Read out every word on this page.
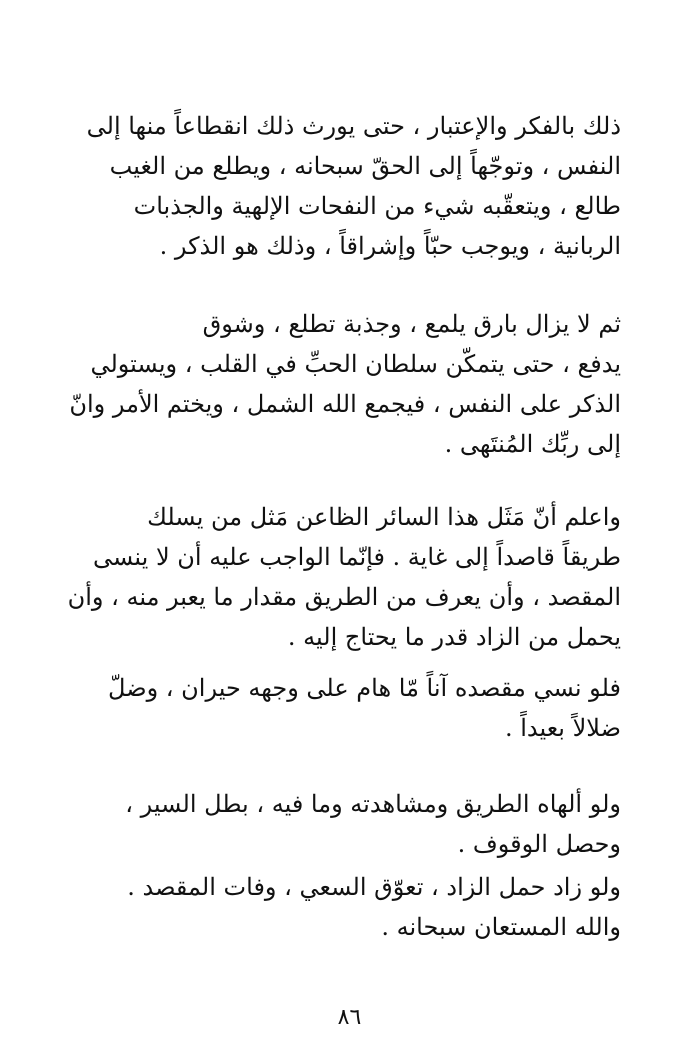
ذلك بالفكر والإعتبار ، حتى يورث ذلك انقطاعاً منها إلى
النفس ، وتوجّهاً إلى الحقّ سبحانه ، ويطلع من الغيب
طالع ، ويتعقّبه شيء من النفحات الإلهية والجذبات
الربانية ، ويوجب حبّاً وإشراقاً ، وذلك هو الذكر .
ثم لا يزال بارق يلمع ، وجذبة تطلع ، وشوق
يدفع ، حتى يتمكّن سلطان الحبِّ في القلب ، ويستولي
الذكر على النفس ، فيجمع الله الشمل ، ويختم الأمر وانّ
إلى ربِّك المُنتَهى .
واعلم أنّ مَثَل هذا السائر الظاعن مَثل من يسلك
طريقاً قاصداً إلى غاية . فإنّما الواجب عليه أن لا ينسى
المقصد ، وأن يعرف من الطريق مقدار ما يعبر منه ، وأن
يحمل من الزاد قدر ما يحتاج إليه .
فلو نسي مقصده آناً مّا هام على وجهه حيران ، وضلّ
ضلالاً بعيداً .
ولو ألهاه الطريق ومشاهدته وما فيه ، بطل السير ،
وحصل الوقوف .
ولو زاد حمل الزاد ، تعوّق السعي ، وفات المقصد .
والله المستعان سبحانه .
٨٦
